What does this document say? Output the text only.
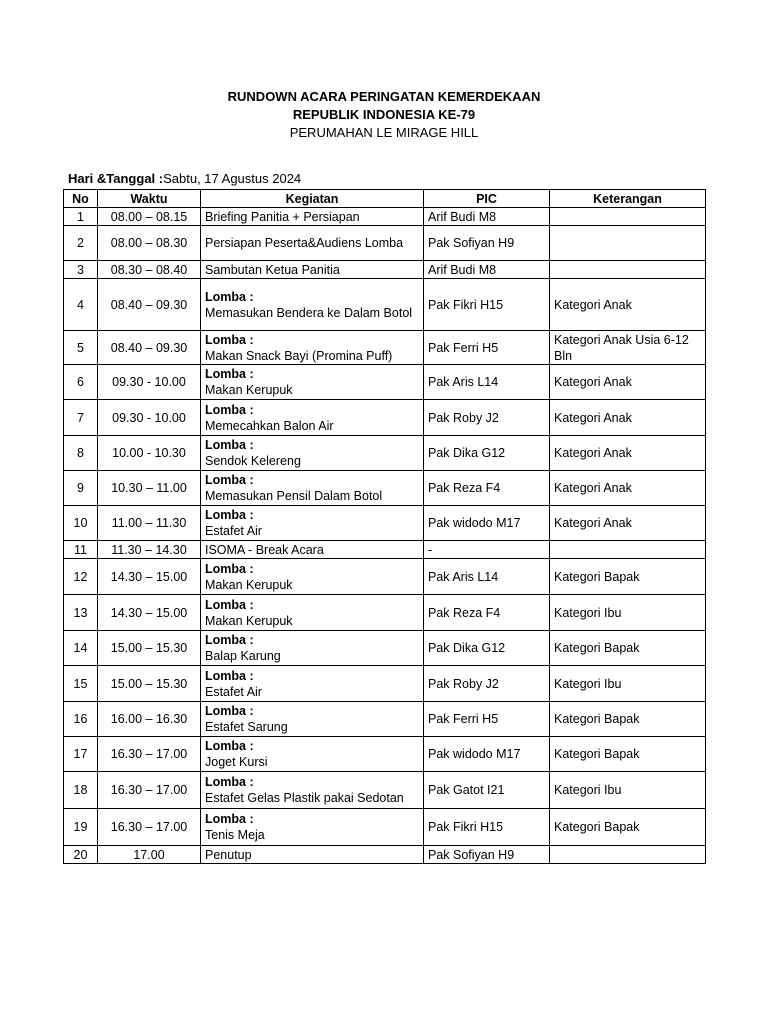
RUNDOWN ACARA PERINGATAN KEMERDEKAAN
REPUBLIK INDONESIA KE-79
PERUMAHAN LE MIRAGE HILL
Hari &Tanggal :Sabtu, 17 Agustus 2024
No	Waktu	Kegiatan	PIC	Keterangan
1	08.00 – 08.15	Briefing Panitia + Persiapan	Arif Budi M8	
2	08.00 – 08.30	Persiapan Peserta&Audiens Lomba	Pak Sofiyan H9	
3	08.30 – 08.40	Sambutan Ketua Panitia	Arif Budi M8	
4	08.40 – 09.30	Lomba :
Memasukan Bendera ke Dalam Botol	Pak Fikri H15	Kategori Anak
5	08.40 – 09.30	Lomba :
Makan Snack Bayi (Promina Puff)	Pak Ferri H5	Kategori Anak Usia 6-12 Bln
6	09.30 - 10.00	Lomba :
Makan Kerupuk	Pak Aris L14	Kategori Anak
7	09.30 - 10.00	Lomba :
Memecahkan Balon Air	Pak Roby J2	Kategori Anak
8	10.00 - 10.30	Lomba :
Sendok Kelereng	Pak Dika G12	Kategori Anak
9	10.30 – 11.00	Lomba :
Memasukan Pensil Dalam Botol	Pak Reza F4	Kategori Anak
10	11.00 – 11.30	Lomba :
Estafet Air	Pak widodo M17	Kategori Anak
11	11.30 – 14.30	ISOMA - Break Acara	-	
12	14.30 – 15.00	Lomba :
Makan Kerupuk	Pak Aris L14	Kategori Bapak
13	14.30 – 15.00	Lomba :
Makan Kerupuk	Pak Reza F4	Kategori Ibu
14	15.00 – 15.30	Lomba :
Balap Karung	Pak Dika G12	Kategori Bapak
15	15.00 – 15.30	Lomba :
Estafet Air	Pak Roby J2	Kategori Ibu
16	16.00 – 16.30	Lomba :
Estafet Sarung	Pak Ferri H5	Kategori Bapak
17	16.30 – 17.00	Lomba :
Joget Kursi	Pak widodo M17	Kategori Bapak
18	16.30 – 17.00	Lomba :
Estafet Gelas Plastik pakai Sedotan	Pak Gatot I21	Kategori Ibu
19	16.30 – 17.00	Lomba :
Tenis Meja	Pak Fikri H15	Kategori Bapak
20	17.00	Penutup	Pak Sofiyan H9	
